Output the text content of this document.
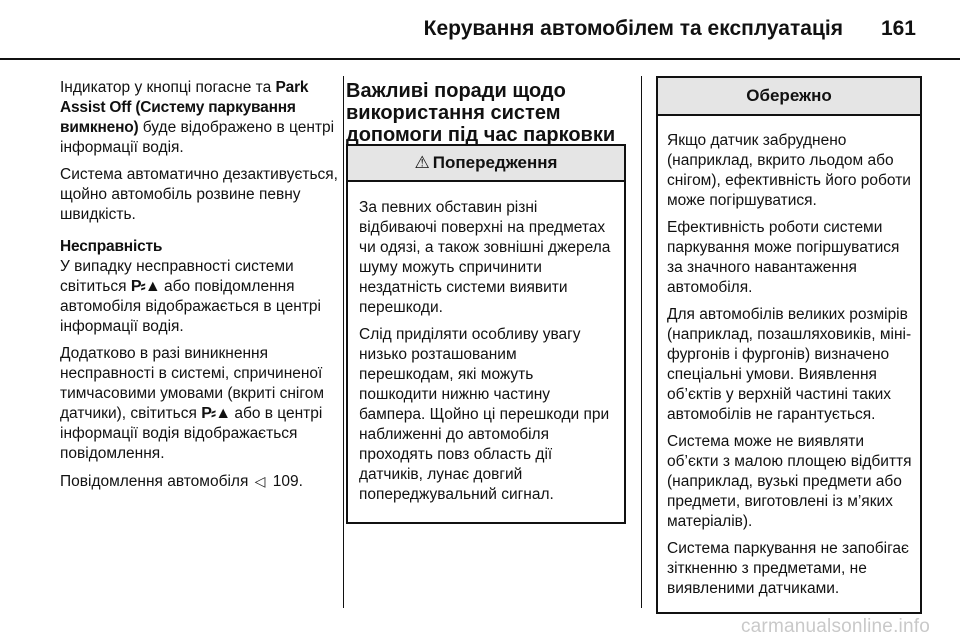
Керування автомобілем та експлуатація 161

Індикатор у кнопці погасне та Park Assist Off (Систему паркування вимкнено) буде відображено в центрі інформації водія.

Система автоматично дезактивується, щойно автомобіль розвине певну швидкість.

Несправність
У випадку несправності системи світиться P⸗▲ або повідомлення автомобіля відображається в центрі інформації водія.

Додатково в разі виникнення несправності в системі, спричиненої тимчасовими умовами (вкриті снігом датчики), світиться P⸗▲ або в центрі інформації водія відображається повідомлення.

Повідомлення автомобіля ◁ 109.

Важливі поради щодо використання систем допомоги під час парковки
⚠ Попередження

За певних обставин різні відбиваючі поверхні на предметах чи одязі, а також зовнішні джерела шуму можуть спричинити нездатність системи виявити перешкоди.

Слід приділяти особливу увагу низько розташованим перешкодам, які можуть пошкодити нижню частину бампера. Щойно ці перешкоди при наближенні до автомобіля проходять повз область дії датчиків, лунає довгий попереджувальний сигнал.

Обережно

Якщо датчик забруднено (наприклад, вкрито льодом або снігом), ефективність його роботи може погіршуватися.

Ефективність роботи системи паркування може погіршуватися за значного навантаження автомобіля.

Для автомобілів великих розмірів (наприклад, позашляховиків, міні-фургонів і фургонів) визначено спеціальні умови. Виявлення об’єктів у верхній частині таких автомобілів не гарантується.

Система може не виявляти об’єкти з малою площею відбиття (наприклад, вузькі предмети або предмети, виготовлені із м’яких матеріалів).

Система паркування не запобігає зіткненню з предметами, не виявленими датчиками.

carmanualsonline.info
